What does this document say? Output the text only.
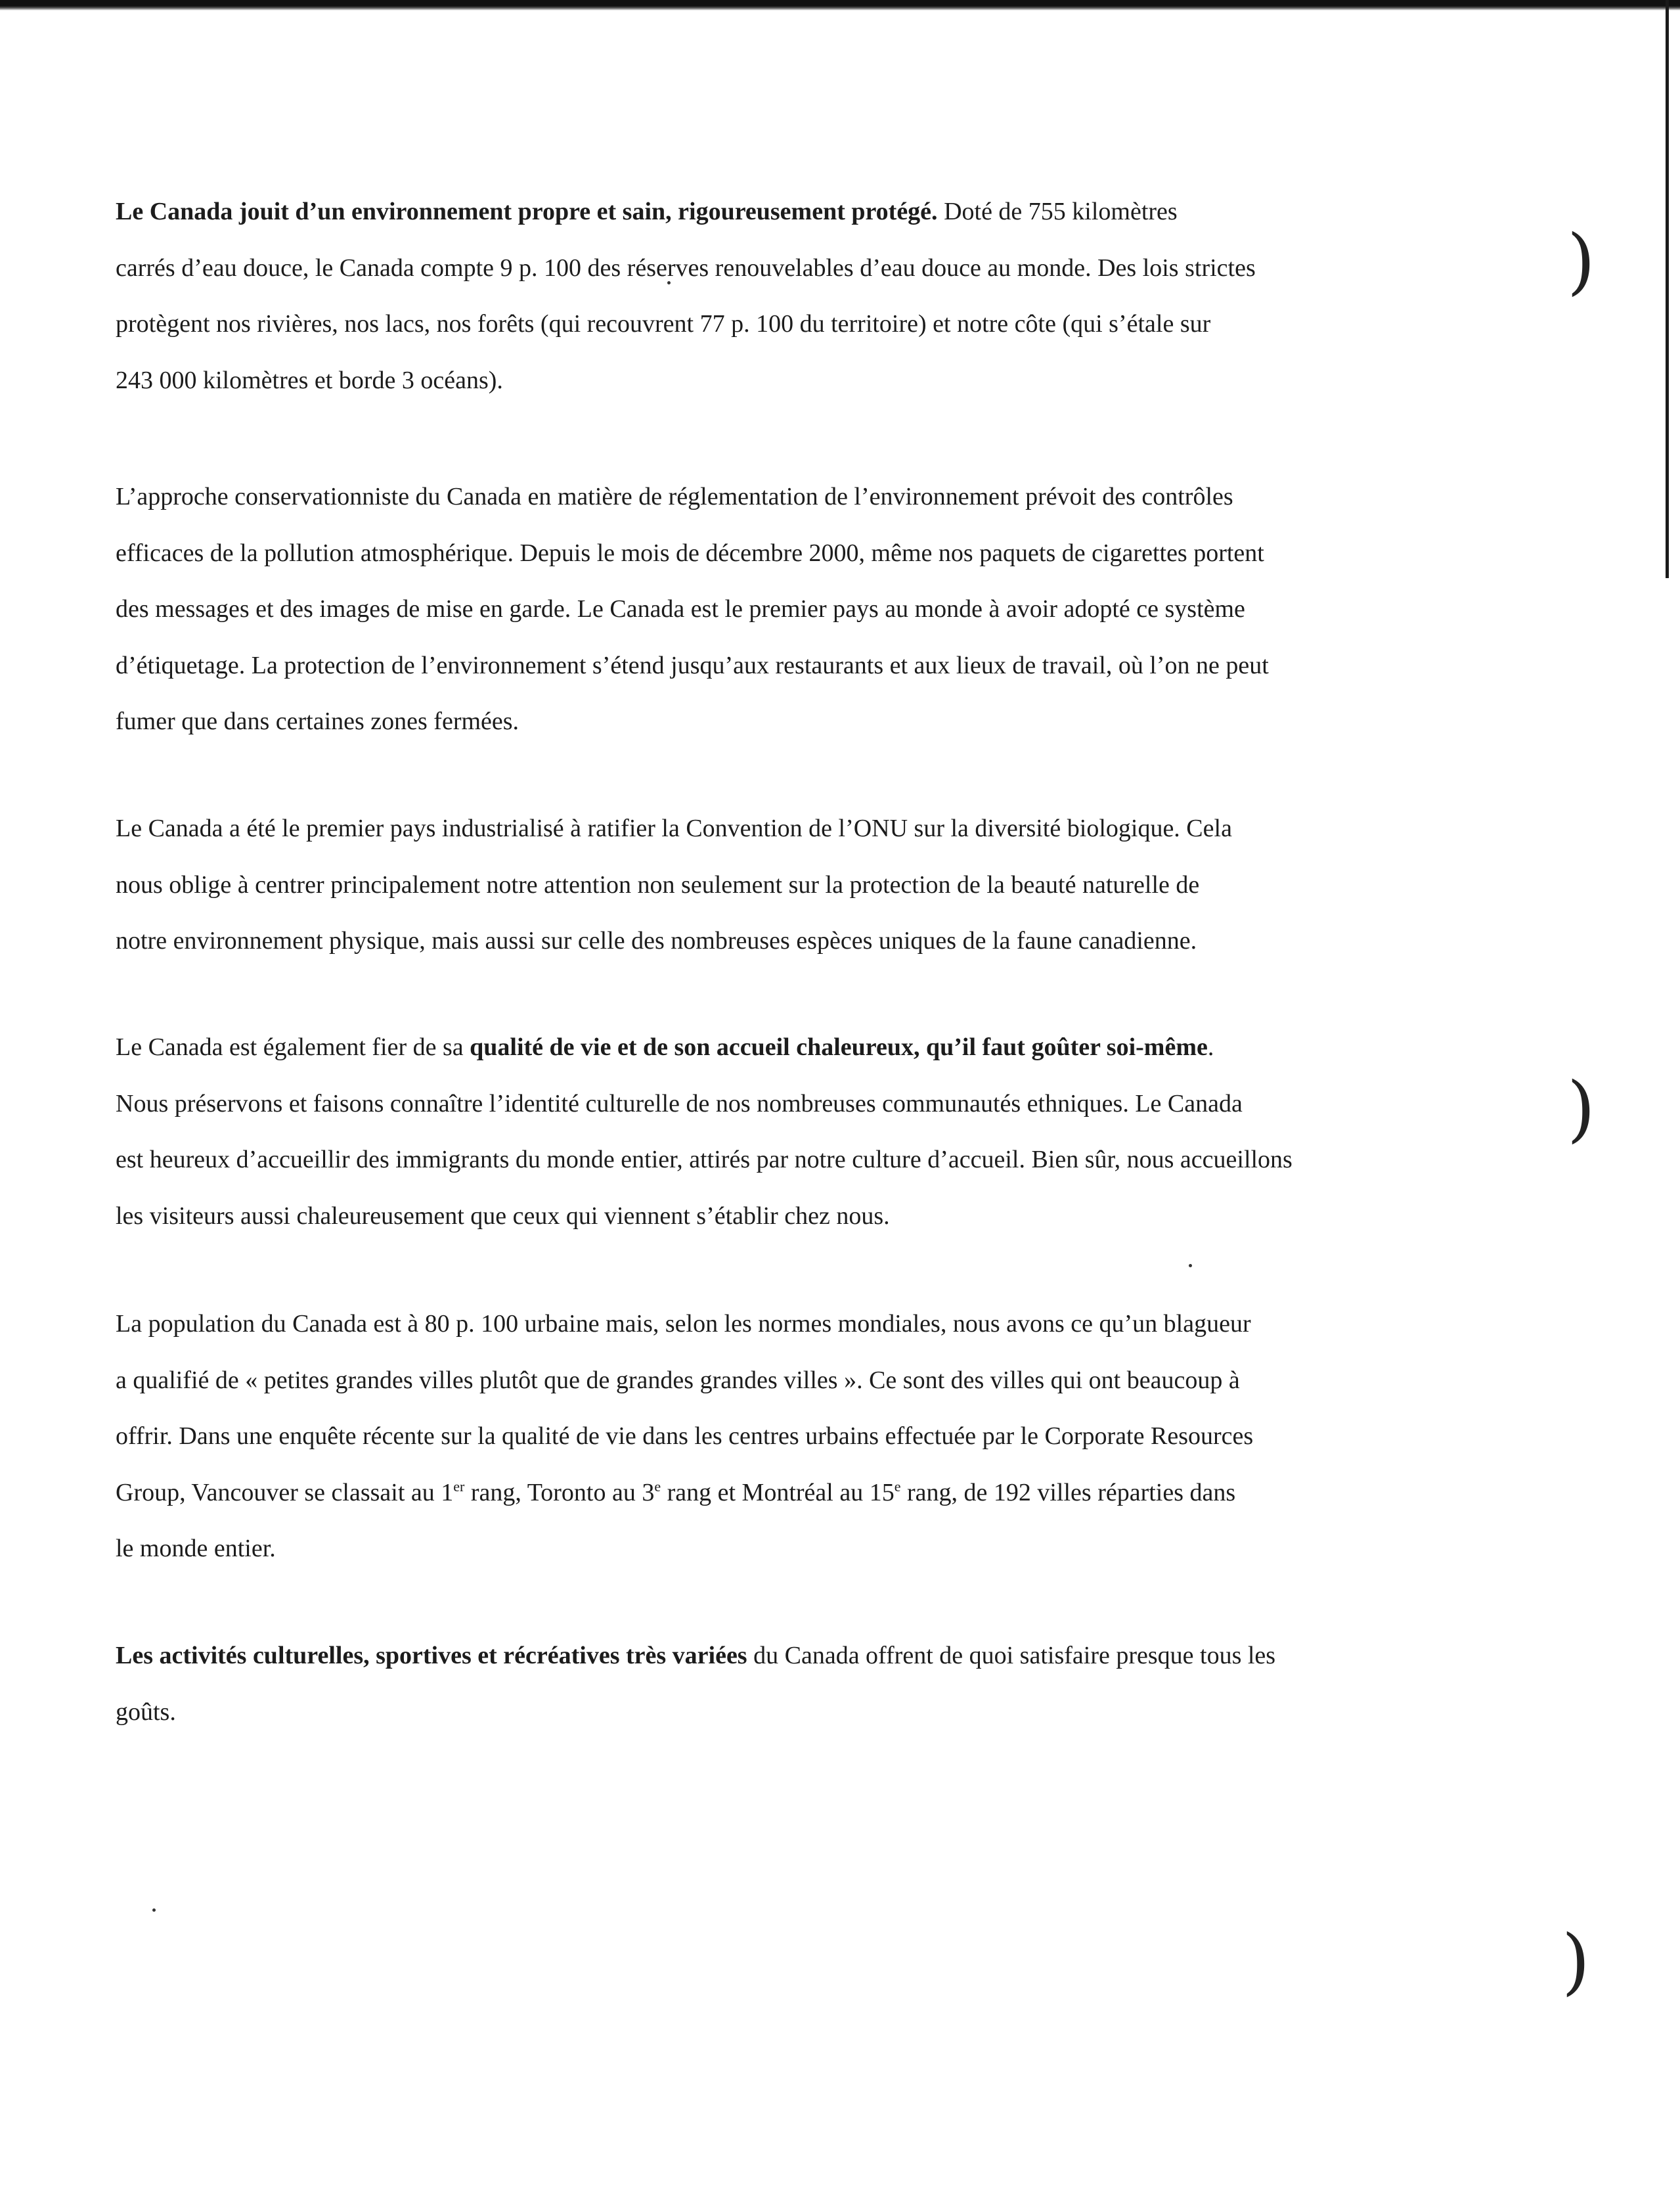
Le Canada jouit d’un environnement propre et sain, rigoureusement protégé. Doté de 755 kilomètres
carrés d’eau douce, le Canada compte 9 p. 100 des réserves renouvelables d’eau douce au monde. Des lois strictes
protègent nos rivières, nos lacs, nos forêts (qui recouvrent 77 p. 100 du territoire) et notre côte (qui s’étale sur
243 000 kilomètres et borde 3 océans).
L’approche conservationniste du Canada en matière de réglementation de l’environnement prévoit des contrôles
efficaces de la pollution atmosphérique. Depuis le mois de décembre 2000, même nos paquets de cigarettes portent
des messages et des images de mise en garde. Le Canada est le premier pays au monde à avoir adopté ce système
d’étiquetage. La protection de l’environnement s’étend jusqu’aux restaurants et aux lieux de travail, où l’on ne peut
fumer que dans certaines zones fermées.
Le Canada a été le premier pays industrialisé à ratifier la Convention de l’ONU sur la diversité biologique. Cela
nous oblige à centrer principalement notre attention non seulement sur la protection de la beauté naturelle de
notre environnement physique, mais aussi sur celle des nombreuses espèces uniques de la faune canadienne.
Le Canada est également fier de sa qualité de vie et de son accueil chaleureux, qu’il faut goûter soi-même.
Nous préservons et faisons connaître l’identité culturelle de nos nombreuses communautés ethniques. Le Canada
est heureux d’accueillir des immigrants du monde entier, attirés par notre culture d’accueil. Bien sûr, nous accueillons
les visiteurs aussi chaleureusement que ceux qui viennent s’établir chez nous.
La population du Canada est à 80 p. 100 urbaine mais, selon les normes mondiales, nous avons ce qu’un blagueur
a qualifié de « petites grandes villes plutôt que de grandes grandes villes ». Ce sont des villes qui ont beaucoup à
offrir. Dans une enquête récente sur la qualité de vie dans les centres urbains effectuée par le Corporate Resources
Group, Vancouver se classait au 1er rang, Toronto au 3e rang et Montréal au 15e rang, de 192 villes réparties dans
le monde entier.
Les activités culturelles, sportives et récréatives très variées du Canada offrent de quoi satisfaire presque tous les
goûts.
)
)
)
